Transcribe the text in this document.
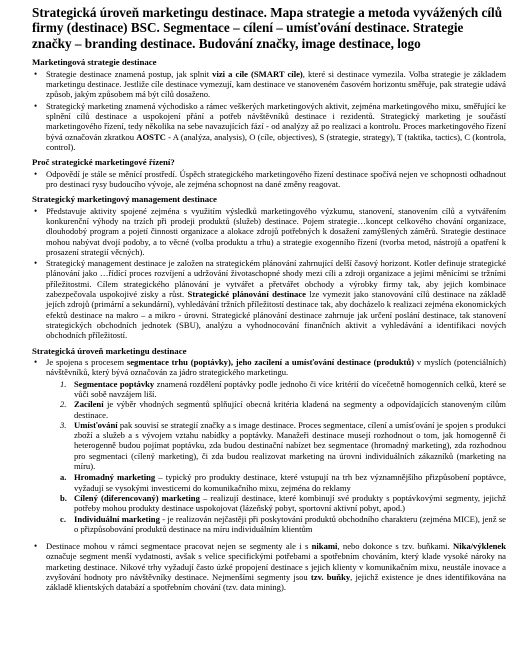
Strategická úroveň marketingu destinace. Mapa strategie a metoda vyvážených cílů firmy (destinace) BSC. Segmentace – cílení – umísťování destinace. Strategie značky – branding destinace. Budování značky, image destinace, logo
Marketingová strategie destinace
• Strategie destinace znamená postup, jak splnit vizi a cíle (SMART cíle), které si destinace vymezila. Volba strategie je základem marketingu destinace. Jestliže cíle destinace vymezují, kam destinace ve stanoveném časovém horizontu směřuje, pak strategie udává způsob, jakým způsobem má být cílů dosaženo.
• Strategický marketing znamená východisko a rámec veškerých marketingových aktivit, zejména marketingového mixu, směřující ke splnění cílů destinace a uspokojení přání a potřeb návštěvníků destinace i rezidentů. Strategický marketing je součástí marketingového řízení, tedy několika na sebe navazujících fází - od analýzy až po realizaci a kontrolu. Proces marketingového řízení bývá označován zkratkou AOSTC - A (analýza, analysis), O (cíle, objectives), S (strategie, strategy), T (taktika, tactics), C (kontrola, control).
Proč strategické marketingové řízení?
• Odpovědí je stále se měnící prostředí. Úspěch strategického marketingového řízení destinace spočívá nejen ve schopnosti odhadnout pro destinaci rysy budoucího vývoje, ale zejména schopnost na dané změny reagovat.
Strategický marketingový management destinace
• Představuje aktivity spojené zejména s využitím výsledků marketingového výzkumu, stanovení, stanovením cílů a vytvářením konkurenční výhody na trzích při prodeji produktů (služeb) destinace. Pojem strategie…koncept celkového chování organizace, dlouhodobý program a pojetí činnosti organizace a alokace zdrojů potřebných k dosažení zamýšlených záměrů. Strategie destinace mohou nabývat dvojí podoby, a to věcné (volba produktu a trhu) a strategie exogenního řízení (tvorba metod, nástrojů a opatření k prosazení strategií věcných).
• Strategický management destinace je založen na strategickém plánování zahrnující delší časový horizont. Kotler definuje strategické plánování jako …řídící proces rozvíjení a udržování životaschopné shody mezi cíli a zdroji organizace a jejími měnícími se tržními příležitostmi. Cílem strategického plánování je vytvářet a přetvářet obchody a výrobky firmy tak, aby jejich kombinace zabezpečovala uspokojivé zisky a růst. Strategické plánování destinace lze vymezit jako stanovování cílů destinace na základě jejích zdrojů (primární a sekundární), vyhledávání tržních příležitostí destinace tak, aby docházelo k realizaci zejména ekonomických efektů destinace na makro – a mikro - úrovni. Strategické plánování destinace zahrnuje jak určení poslání destinace, tak stanovení strategických obchodních jednotek (SBU), analýzu a vyhodnocování finančních aktivit a vyhledávání a identifikaci nových obchodních příležitostí.
Strategická úroveň marketingu destinace
• Je spojena s procesem segmentace trhu (poptávky), jeho zacílení a umísťování destinace (produktů) v myslích (potenciálních) návštěvníků, který bývá označován za jádro strategického marketingu.
1. Segmentace poptávky znamená rozdělení poptávky podle jednoho či více kritérií do vícečetně homogenních celků, které se vůči sobě navzájem liší.
2. Zacílení je výběr vhodných segmentů splňující obecná kritéria kladená na segmenty a odpovídajících stanoveným cílům destinace.
3. Umísťování pak souvisí se strategií značky a s image destinace. Proces segmentace, cílení a umísťování je spojen s produkci zboží a služeb a s vývojem vztahu nabídky a poptávky. Manažeři destinace musejí rozhodnout o tom, jak homogenně či heterogenně budou pojímat poptávku, zda budou destinační nabízet bez segmentace (hromadný marketing), zda rozhodnou pro segmentaci (cílený marketing), či zda budou realizovat marketing na úrovni individuálních zákazníků (marketing na míru).
a. Hromadný marketing – typický pro produkty destinace, které vstupují na trh bez významnějšího přizpůsobení poptávce, vyžadují se vysokými investicemi do komunikačního mixu, zejména do reklamy
b. Cílený (diferencovaný) marketing – realizují destinace, které kombinují své produkty s poptávkovými segmenty, jejichž potřeby mohou produkty destinace uspokojovat (lázeňský pobyt, sportovní aktivní pobyt, apod.)
c. Individuální marketing - je realizován nejčastěji při poskytování produktů obchodního charakteru (zejména MICE), jenž se o přizpůsobování produktů destinace na míru individuálním klientům
• Destinace mohou v rámci segmentace pracovat nejen se segmenty ale i s nikami, nebo dokonce s tzv. buňkami. Nika/výklenek označuje segment menší vydatnosti, avšak s velice specifickými potřebami a spotřebním chováním, který klade vysoké nároky na marketing destinace. Nikové trhy vyžadují často úzké propojení destinace s jejich klienty v komunikačním mixu, neustále inovace a zvyšování hodnoty pro návštěvníky destinace. Nejmenšími segmenty jsou tzv. buňky, jejichž existence je dnes identifikována na základě klientských databází a spotřebním chování (tzv. data mining).
